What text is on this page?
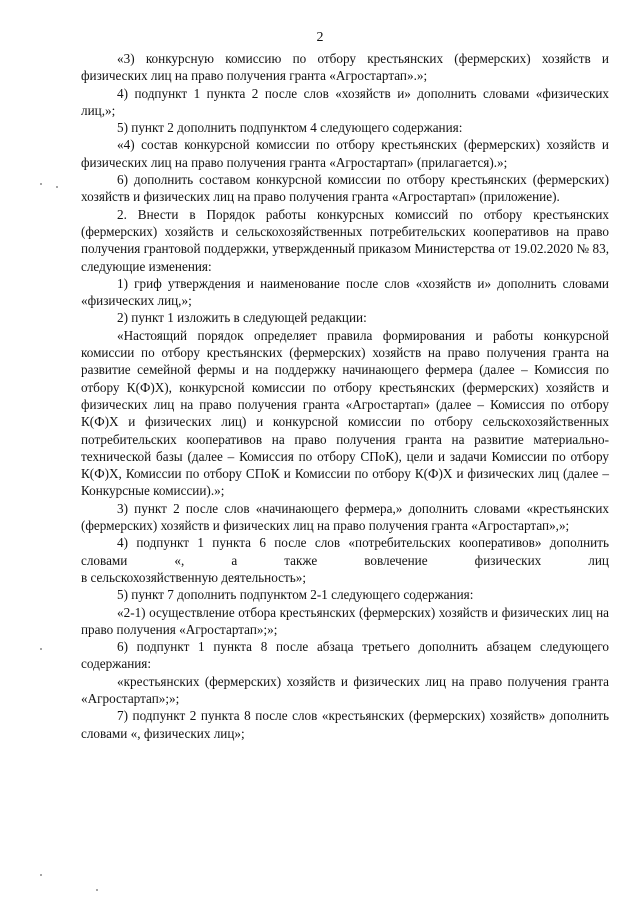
2

«3) конкурсную комиссию по отбору крестьянских (фермерских) хозяйств и физических лиц на право получения гранта «Агростартап».»;

4) подпункт 1 пункта 2 после слов «хозяйств и» дополнить словами «физических лиц,»;

5) пункт 2 дополнить подпунктом 4 следующего содержания:

«4) состав конкурсной комиссии по отбору крестьянских (фермерских) хозяйств и физических лиц на право получения гранта «Агростартап» (прилагается).»;

6) дополнить составом конкурсной комиссии по отбору крестьянских (фермерских) хозяйств и физических лиц на право получения гранта «Агростартап» (приложение).

2. Внести в Порядок работы конкурсных комиссий по отбору крестьянских (фермерских) хозяйств и сельскохозяйственных потребительских кооперативов на право получения грантовой поддержки, утвержденный приказом Министерства от 19.02.2020 № 83, следующие изменения:

1) гриф утверждения и наименование после слов «хозяйств и» дополнить словами «физических лиц,»;

2) пункт 1 изложить в следующей редакции:

«Настоящий порядок определяет правила формирования и работы конкурсной комиссии по отбору крестьянских (фермерских) хозяйств на право получения гранта на развитие семейной фермы и на поддержку начинающего фермера (далее – Комиссия по отбору К(Ф)Х), конкурсной комиссии по отбору крестьянских (фермерских) хозяйств и физических лиц на право получения гранта «Агростартап» (далее – Комиссия по отбору К(Ф)Х и физических лиц) и конкурсной комиссии по отбору сельскохозяйственных потребительских кооперативов на право получения гранта на развитие материально-технической базы (далее – Комиссия по отбору СПоК), цели и задачи Комиссии по отбору К(Ф)Х, Комиссии по отбору СПоК и Комиссии по отбору К(Ф)Х и физических лиц (далее – Конкурсные комиссии).»;

3) пункт 2 после слов «начинающего фермера,» дополнить словами «крестьянских (фермерских) хозяйств и физических лиц на право получения гранта «Агростартап»,»;

4) подпункт 1 пункта 6 после слов «потребительских кооперативов» дополнить словами «, а также вовлечение физических лиц

в сельскохозяйственную деятельность»;

5) пункт 7 дополнить подпунктом 2-1 следующего содержания:

«2-1) осуществление отбора крестьянских (фермерских) хозяйств и физических лиц на право получения «Агростартап»;»;

6) подпункт 1 пункта 8 после абзаца третьего дополнить абзацем следующего содержания:

«крестьянских (фермерских) хозяйств и физических лиц на право получения гранта «Агростартап»;»;

7) подпункт 2 пункта 8 после слов «крестьянских (фермерских) хозяйств» дополнить словами «, физических лиц»;
